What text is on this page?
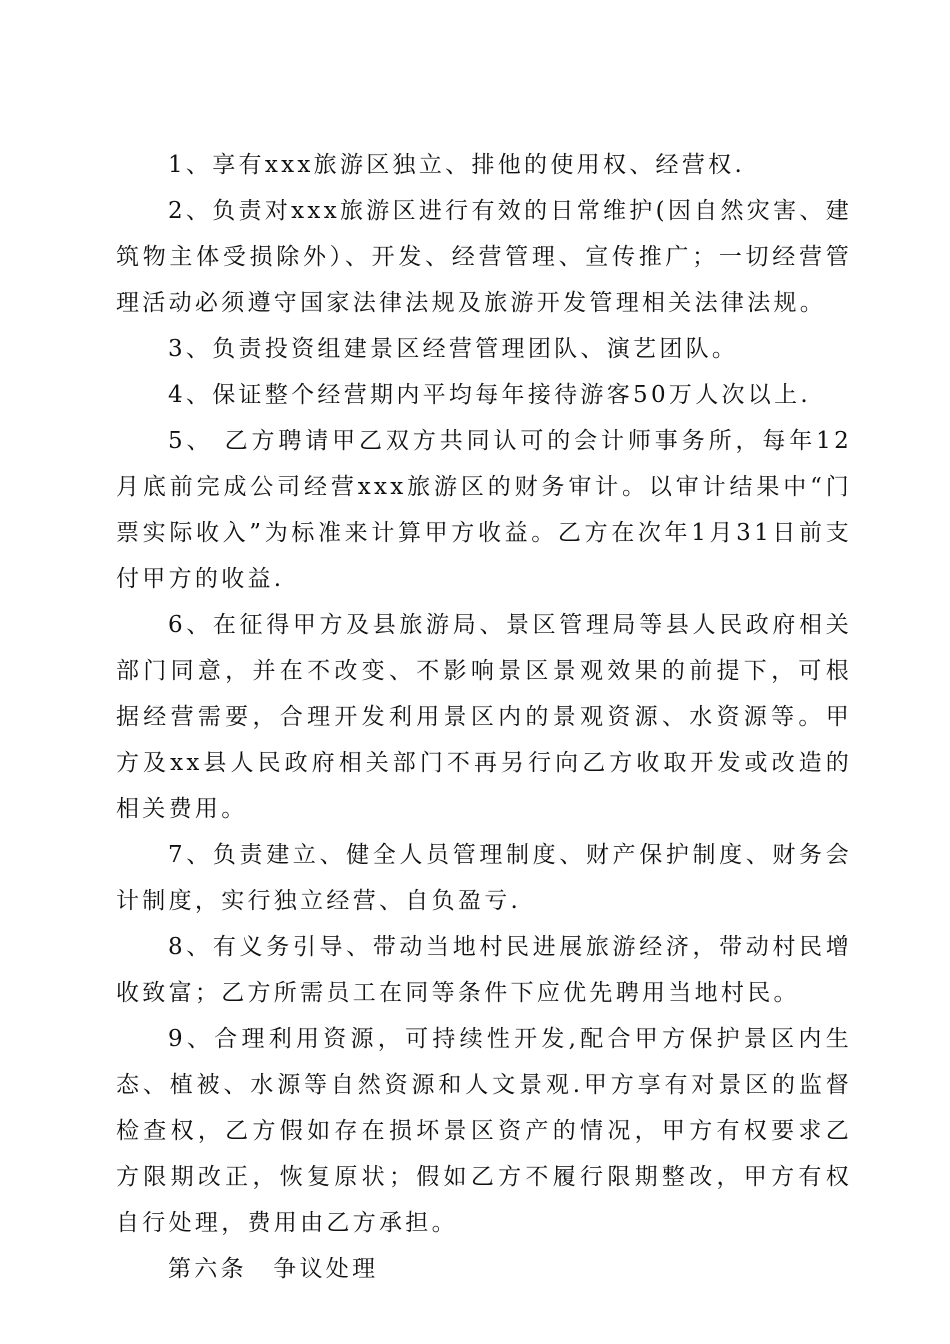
1、享有xxx旅游区独立、排他的使用权、经营权.

2、负责对xxx旅游区进行有效的日常维护(因自然灾害、建筑物主体受损除外）、开发、经营管理、宣传推广；一切经营管理活动必须遵守国家法律法规及旅游开发管理相关法律法规。

3、负责投资组建景区经营管理团队、演艺团队。

4、保证整个经营期内平均每年接待游客50万人次以上.

5、 乙方聘请甲乙双方共同认可的会计师事务所，每年12月底前完成公司经营xxx旅游区的财务审计。以审计结果中“门票实际收入”为标准来计算甲方收益。乙方在次年1月31日前支付甲方的收益.

6、在征得甲方及县旅游局、景区管理局等县人民政府相关部门同意，并在不改变、不影响景区景观效果的前提下，可根据经营需要，合理开发利用景区内的景观资源、水资源等。甲方及xx县人民政府相关部门不再另行向乙方收取开发或改造的相关费用。

7、负责建立、健全人员管理制度、财产保护制度、财务会计制度，实行独立经营、自负盈亏.

8、有义务引导、带动当地村民进展旅游经济，带动村民增收致富；乙方所需员工在同等条件下应优先聘用当地村民。

9、合理利用资源，可持续性开发,配合甲方保护景区内生态、植被、水源等自然资源和人文景观.甲方享有对景区的监督检查权，乙方假如存在损坏景区资产的情况，甲方有权要求乙方限期改正，恢复原状；假如乙方不履行限期整改，甲方有权自行处理，费用由乙方承担。

第六条　争议处理
